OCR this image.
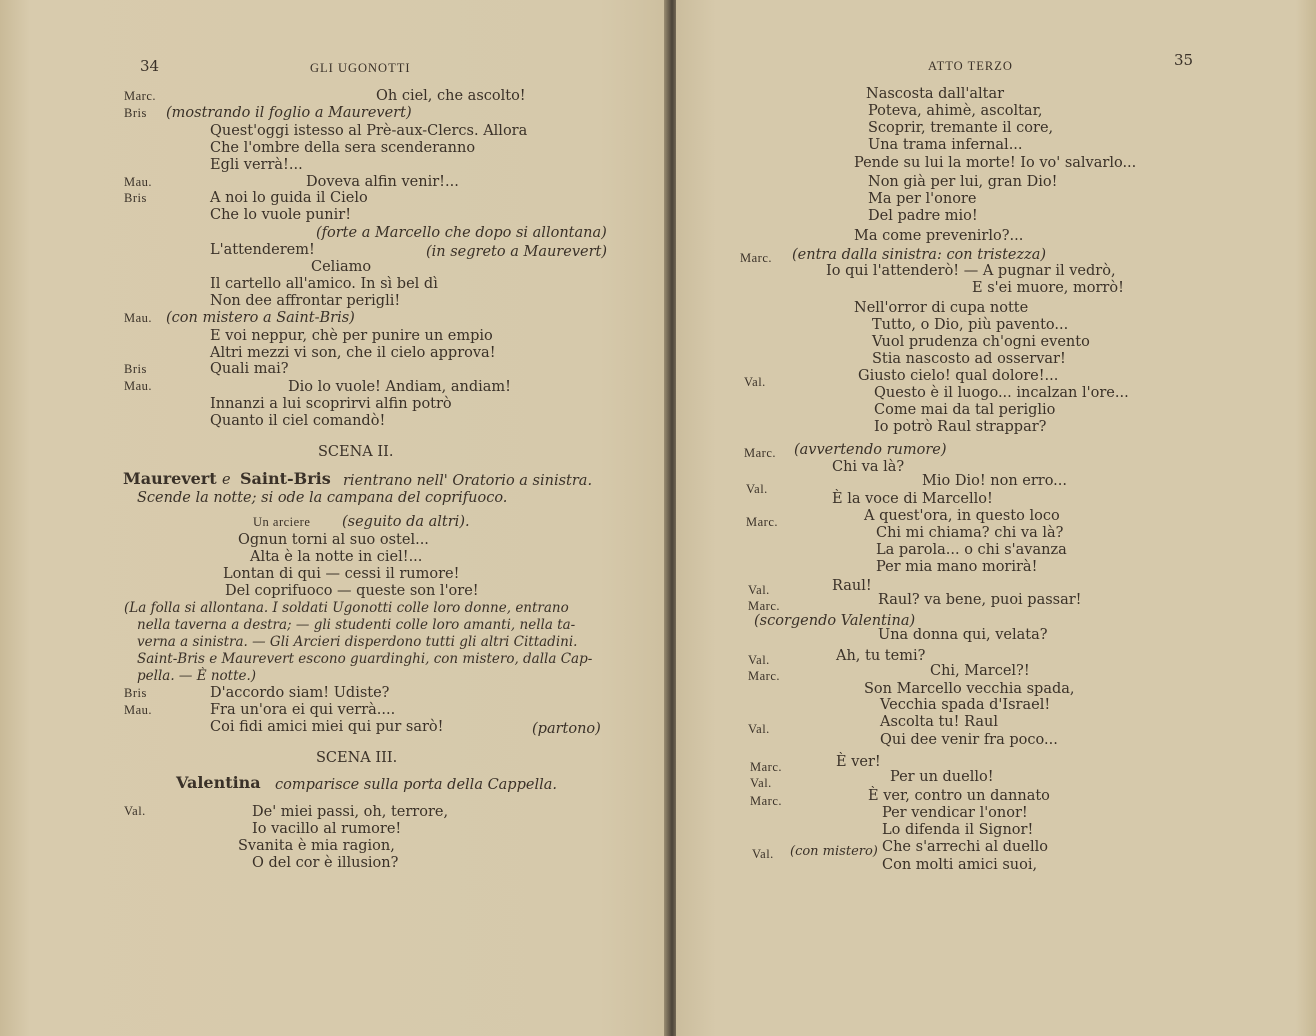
34	GLI UGONOTTI
Marc.	Oh ciel, che ascolto!
Bris (mostrando il foglio a Maurevert)
Quest'oggi istesso al Prè-aux-Clercs. Allora
Che l'ombre della sera scenderanno
Egli verrà!...
Mau.	Doveva alfin venir!...
Bris	A noi lo guida il Cielo
Che lo vuole punir!
(forte a Marcello che dopo si allontana)
L'attenderem!	(in segreto a Maurevert)
Celiamo
Il cartello all'amico. In sì bel dì
Non dee affrontar perigli!
Mau. (con mistero a Saint-Bris)
E voi neppur, chè per punire un empio
Altri mezzi vi son, che il cielo approva!
Bris	Quali mai?
Mau.	Dio lo vuole! Andiam, andiam!
Innanzi a lui scoprirvi alfin potrò
Quanto il ciel comandò!
SCENA II.
Maurevert e Saint-Bris rientrano nell' Oratorio a sinistra.
Scende la notte; si ode la campana del coprifuoco.
Un arciere (seguito da altri).
Ognun torni al suo ostel...
Alta è la notte in ciel!...
Lontan di qui — cessi il rumore!
Del coprifuoco — queste son l'ore!
(La folla si allontana. I soldati Ugonotti colle loro donne, entrano
nella taverna a destra; — gli studenti colle loro amanti, nella ta-
verna a sinistra. — Gli Arcieri disperdono tutti gli altri Cittadini.
Saint-Bris e Maurevert escono guardinghi, con mistero, dalla Cap-
pella. — È notte.)
Bris	D'accordo siam! Udiste?
Mau.	Fra un'ora ei qui verrà....
Coi fidi amici miei qui pur sarò!	(partono)
SCENA III.
Valentina comparisce sulla porta della Cappella.
Val.	De' miei passi, oh, terrore,
Io vacillo al rumore!
Svanita è mia ragion,
O del cor è illusion?
ATTO TERZO	35
Nascosta dall'altar
Poteva, ahimè, ascoltar,
Scoprir, tremante il core,
Una trama infernal...
Pende su lui la morte! Io vo' salvarlo...
Non già per lui, gran Dio!
Ma per l'onore
Del padre mio!
Ma come prevenirlo?...
Marc. (entra dalla sinistra: con tristezza)
Io qui l'attenderò! — A pugnar il vedrò,
E s'ei muore, morrò!
Nell'orror di cupa notte
Tutto, o Dio, più pavento...
Vuol prudenza ch'ogni evento
Stia nascosto ad osservar!
Val.	Giusto cielo! qual dolore!...
Questo è il luogo... incalzan l'ore...
Come mai da tal periglio
Io potrò Raul strappar?
Marc. (avvertendo rumore)
Chi va là?
Val.	Mio Dio! non erro...
È la voce di Marcello!
Marc.	A quest'ora, in questo loco
Chi mi chiama? chi va là?
La parola... o chi s'avanza
Per mia mano morirà!
Val.	Raul!
Marc.	Raul? va bene, puoi passar!
(scorgendo Valentina)
Una donna qui, velata?
Val.	Ah, tu temi?
Marc.	Chi, Marcel?!
Son Marcello vecchia spada,
Vecchia spada d'Israel!
Val.	Ascolta tu! Raul
Qui dee venir fra poco...
Marc.	È ver!
Val.	Per un duello!
Marc.	È ver, contro un dannato
Per vendicar l'onor!
Lo difenda il Signor!
Val. (con mistero) Che s'arrechi al duello
Con molti amici suoi,
